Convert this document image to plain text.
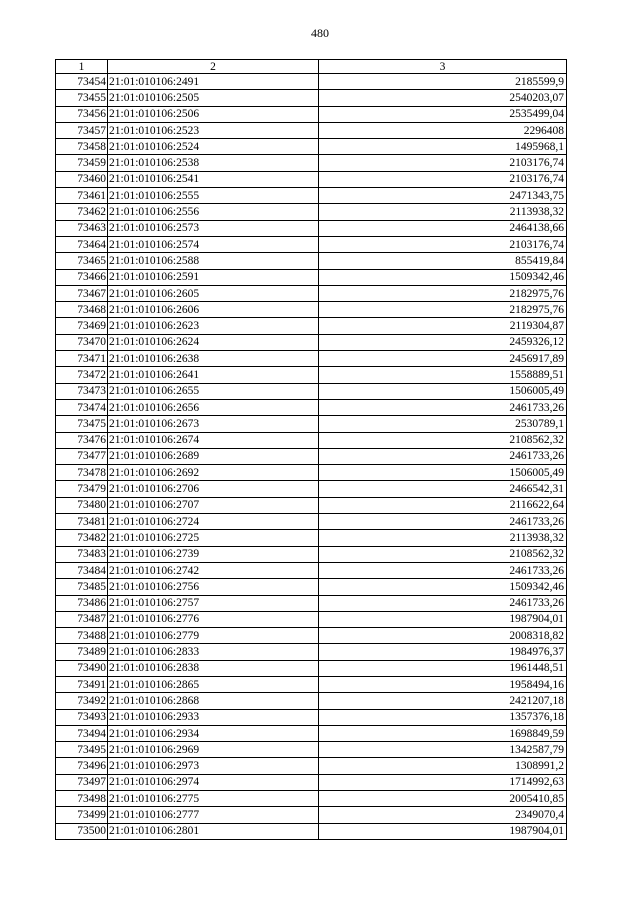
480
1	2	3
73454	21:01:010106:2491	2185599,9
73455	21:01:010106:2505	2540203,07
73456	21:01:010106:2506	2535499,04
73457	21:01:010106:2523	2296408
73458	21:01:010106:2524	1495968,1
73459	21:01:010106:2538	2103176,74
73460	21:01:010106:2541	2103176,74
73461	21:01:010106:2555	2471343,75
73462	21:01:010106:2556	2113938,32
73463	21:01:010106:2573	2464138,66
73464	21:01:010106:2574	2103176,74
73465	21:01:010106:2588	855419,84
73466	21:01:010106:2591	1509342,46
73467	21:01:010106:2605	2182975,76
73468	21:01:010106:2606	2182975,76
73469	21:01:010106:2623	2119304,87
73470	21:01:010106:2624	2459326,12
73471	21:01:010106:2638	2456917,89
73472	21:01:010106:2641	1558889,51
73473	21:01:010106:2655	1506005,49
73474	21:01:010106:2656	2461733,26
73475	21:01:010106:2673	2530789,1
73476	21:01:010106:2674	2108562,32
73477	21:01:010106:2689	2461733,26
73478	21:01:010106:2692	1506005,49
73479	21:01:010106:2706	2466542,31
73480	21:01:010106:2707	2116622,64
73481	21:01:010106:2724	2461733,26
73482	21:01:010106:2725	2113938,32
73483	21:01:010106:2739	2108562,32
73484	21:01:010106:2742	2461733,26
73485	21:01:010106:2756	1509342,46
73486	21:01:010106:2757	2461733,26
73487	21:01:010106:2776	1987904,01
73488	21:01:010106:2779	2008318,82
73489	21:01:010106:2833	1984976,37
73490	21:01:010106:2838	1961448,51
73491	21:01:010106:2865	1958494,16
73492	21:01:010106:2868	2421207,18
73493	21:01:010106:2933	1357376,18
73494	21:01:010106:2934	1698849,59
73495	21:01:010106:2969	1342587,79
73496	21:01:010106:2973	1308991,2
73497	21:01:010106:2974	1714992,63
73498	21:01:010106:2775	2005410,85
73499	21:01:010106:2777	2349070,4
73500	21:01:010106:2801	1987904,01
